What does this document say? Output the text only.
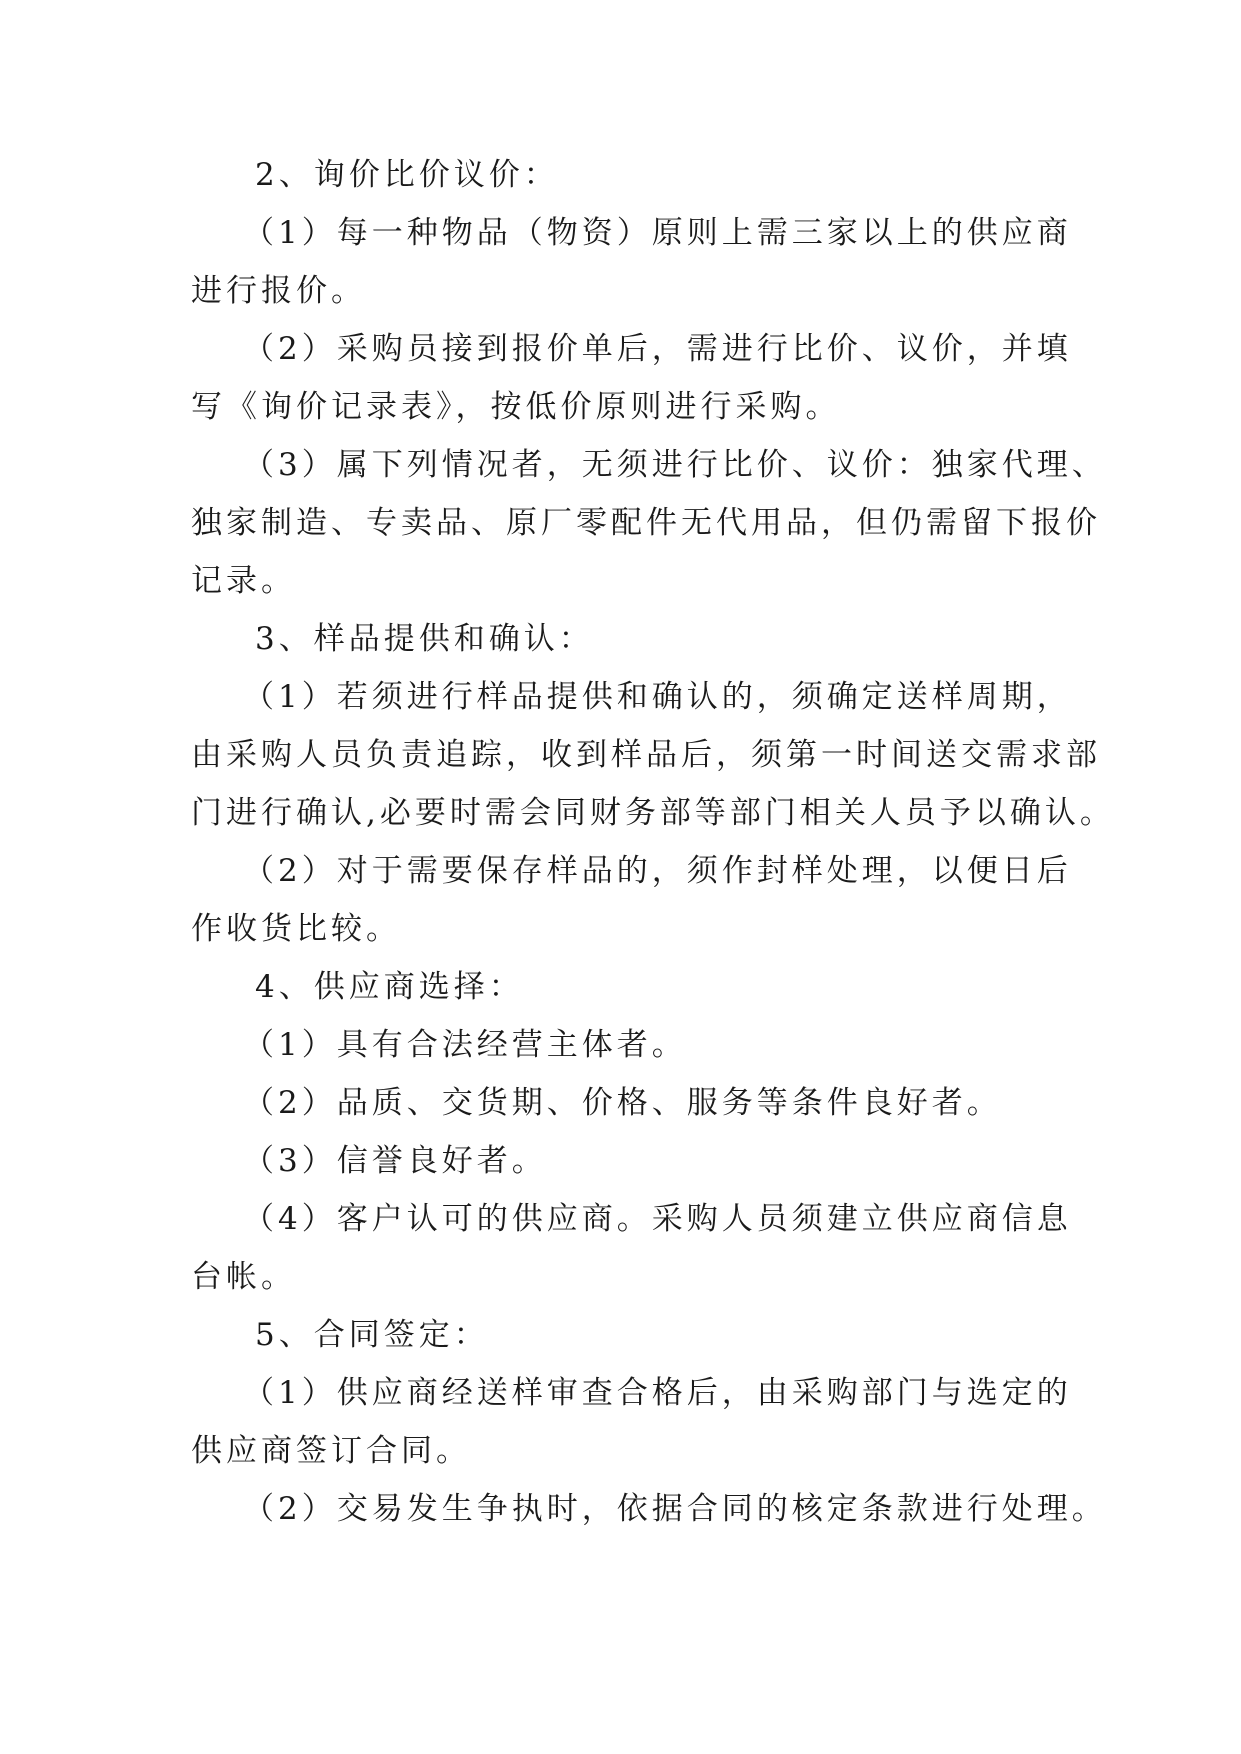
2、询价比价议价：
（1）每一种物品（物资）原则上需三家以上的供应商
进行报价。
（2）采购员接到报价单后，需进行比价、议价，并填
写《询价记录表》，按低价原则进行采购。
（3）属下列情况者，无须进行比价、议价：独家代理、
独家制造、专卖品、原厂零配件无代用品，但仍需留下报价
记录。
3、样品提供和确认：
（1）若须进行样品提供和确认的，须确定送样周期，
由采购人员负责追踪，收到样品后，须第一时间送交需求部
门进行确认,必要时需会同财务部等部门相关人员予以确认。
（2）对于需要保存样品的，须作封样处理，以便日后
作收货比较。
4、供应商选择：
（1）具有合法经营主体者。
（2）品质、交货期、价格、服务等条件良好者。
（3）信誉良好者。
（4）客户认可的供应商。采购人员须建立供应商信息
台帐。
5、合同签定：
（1）供应商经送样审查合格后，由采购部门与选定的
供应商签订合同。
（2）交易发生争执时，依据合同的核定条款进行处理。
